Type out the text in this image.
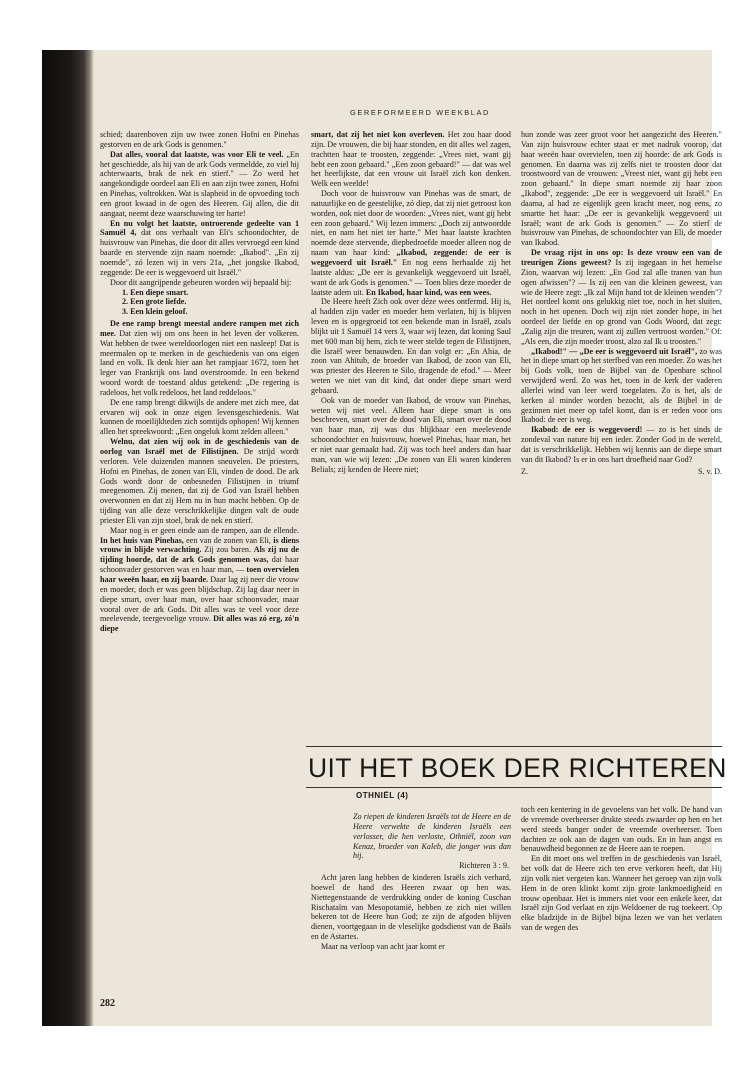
GEREFORMEERD WEEKBLAD

schied; daarenboven zijn uw twee zonen Hofni en Pinehas gestorven en de ark Gods is genomen."

Dat alles, vooral dat laatste, was voor Eli te veel. „En het geschiedde, als hij van de ark Gods vermeldde, zo viel hij achterwaarts, brak de nek en stierf." — Zo werd het aangekondigde oordeel aan Eli en aan zijn twee zonen, Hofni en Pinehas, voltrokken. Wat is slapheid in de opvoeding toch een groot kwaad in de ogen des Heeren. Gij allen, die dit aangaat, neemt deze waarschuwing ter harte!

En nu volgt het laatste, ontroerende gedeelte van 1 Samuël 4, dat ons verhaalt van Eli's schoondochter, de huisvrouw van Pinehas, die door dit alles vervroegd een kind baarde en stervende zijn naam noemde: „Ikabod". „En zij noemde", zó lezen wij in vers 21a, „het jongske Ikabod, zeggende: De eer is weggevoerd uit Israël."

Door dit aangrijpende gebeuren worden wij bepaald bij:

1. Een diepe smart.
2. Een grote liefde.
3. Een klein geloof.

De ene ramp brengt meestal andere rampen met zich mee. Dat zien wij om ons heen in het leven der volkeren. Wat hebben de twee wereldoorlogen niet een nasleep! Dat is meermalen op te merken in de geschiedenis van ons eigen land en volk. Ik denk hier aan het rampjaar 1672, toen het leger van Frankrijk ons land overstroomde. In een bekend woord wordt de toestand aldus getekend: „De regering is radeloos, het volk redeloos, het land reddeloos."

De ene ramp brengt dikwijls de andere met zich mee, dat ervaren wij ook in onze eigen levensgeschiedenis. Wat kunnen de moeilijkheden zich somtijds ophopen! Wij kennen allen het spreekwoord: „Een ongeluk komt zelden alleen."

Welnu, dat zien wij ook in de geschiedenis van de oorlog van Israël met de Filistijnen. De strijd wordt verloren. Vele duizenden mannen sneuvelen. De priesters, Hofni en Pinehas, de zonen van Eli, vinden de dood. De ark Gods wordt door de onbesneden Filistijnen in triumf meegenomen. Zij menen, dat zij de God van Israël hebben overwonnen en dat zij Hem nu in hun macht hebben. Op de tijding van alle deze verschrikkelijke dingen valt de oude priester Eli van zijn stoel, brak de nek en stierf.

Maar nog is er geen einde aan de rampen, aan de ellende. In het huis van Pinehas, een van de zonen van Eli, is diens vrouw in blijde verwachting. Zij zou baren. Als zij nu de tijding hoorde, dat de ark Gods genomen was, dat haar schoonvader gestorven was en haar man, — toen overvielen haar weeën haar, en zij baarde. Daar lag zij neer die vrouw en moeder, doch er was geen blijdschap. Zij lag daar neer in diepe smart, over haar man, over haar schoonvader, maar vooral over de ark Gods. Dit alles was te veel voor deze meelevende, teergevoelige vrouw. Dit alles was zó erg, zó'n diepe

smart, dat zij het niet kon overleven. Het zou haar dood zijn. De vrouwen, die bij haar stonden, en dit alles wel zagen, trachtten haar te troosten, zeggende: „Vrees niet, want gij hebt een zoon gebaard." „Een zoon gebaard!" — dat was wel het heerlijkste, dat een vrouw uit Israël zich kon denken. Welk een weelde!

Doch voor de huisvrouw van Pinehas was de smart, de natuurlijke en de geestelijke, zó diep, dat zij niet getroost kon worden, ook niet door de woorden: „Vrees niet, want gij hebt een zoon gebaard." Wij lezen immers: „Doch zij antwoordde niet, en nam het niet ter harte." Met haar laatste krachten noemde deze stervende, diepbedroefde moeder alleen nog de naam van haar kind: „Ikabod, zeggende: de eer is weggevoerd uit Israël." En nog eens herhaalde zij het laatste aldus: „De eer is gevankelijk weggevoerd uit Israël, want de ark Gods is genomen." — Toen blies deze moeder de laatste adem uit. En Ikabod, haar kind, was een wees.

De Heere heeft Zich ook over déze wees ontfermd. Hij is, al hadden zijn vader en moeder hem verlaten, hij is blijven leven en is opgegroeid tot een bekende man in Israël, zoals blijkt uit 1 Samuël 14 vers 3, waar wij lezen, dat koning Saul met 600 man bij hem, zich te weer stelde tegen de Filistijnen, die Israël weer benauwden. En dan volgt er: „En Ahia, de zoon van Ahitub, de broeder van Ikabod, de zoon van Eli, was priester des Heeren te Silo, dragende de efod." — Meer weten we niet van dit kind, dat onder diepe smart werd gebaard.

Ook van de moeder van Ikabod, de vrouw van Pinehas, weten wij niet veel. Alleen haar diepe smart is ons beschreven, smart over de dood van Eli, smart over de dood van haar man, zij was dus blijkbaar een meelevende schoondochter en huisvrouw, hoewel Pinehas, haar man, het er niet naar gemaakt had. Zij was toch heel anders dan haar man, van wie wij lezen: „De zonen van Eli waren kinderen Belials; zij kenden de Heere niet;

hun zonde was zeer groot voor het aangezicht des Heeren." Van zijn huisvrouw echter staat er met nadruk voorop, dat haar weeën haar overvielen, toen zij hoorde: de ark Gods is genomen. En daarna was zij zelfs niet te troosten door dat troostwoord van de vrouwen: „Vreest niet, want gij hebt een zoon gebaard." In diepe smart noemde zij haar zoon „Ikabod", zeggende: „De eer is weggevoerd uit Israël." En daarna, al had ze eigenlijk geen kracht meer, nog eens, zo smartte het haar: „De eer is gevankelijk weggevoerd uit Israël; want de ark Gods is genomen." — Zo stierf de huisvrouw van Pinehas, de schoondochter van Eli, de moeder van Ikabod.

De vraag rijst in ons op: Is deze vrouw een van de treurigen Zions geweest? Is zij ingegaan in het hemelse Zion, waarvan wij lezen: „En God zal alle tranen van hun ogen afwissen"? — Is zij een van die kleinen geweest, van wie de Heere zegt: „Ik zal Mijn hand tot de kleinen wenden"? Het oordeel komt ons gelukkig niet toe, noch in het sluiten, noch in het openen. Doch wij zijn niet zonder hope, in het oordeel der liefde en op grond van Gods Woord, dat zegt: „Zalig zijn die treuren, want zij zullen vertroost worden." Of: „Als een, die zijn moeder troost, alzo zal Ik u troosten."

„Ikabod!" — „De eer is weggevoerd uit Israël", zo was het in diepe smart op het sterfbed van een moeder. Zo was het bij Gods volk, toen de Bijbel van de Openbare school verwijderd werd. Zo was het, toen in de kerk der vaderen allerlei wind van leer werd toegelaten. Zo is het, als de kerken al minder worden bezocht, als de Bijbel in de gezinnen niet meer op tafel komt, dan is er reden voor ons Ikabod: de eer is weg.

Ikabod: de eer is weggevoerd! — zo is het sinds de zondeval van nature bij een ieder. Zonder God in de wereld, dat is verschrikkelijk. Hebben wij kennis aan de diepe smart van dit Ikabod? Is er in ons hart droefheid naar God?

Z.	S. v. D.

UIT HET BOEK DER RICHTEREN
OTHNIËL (4)

Zo riepen de kinderen Israëls tot de Heere en de Heere verwekte de kinderen Israëls een verlosser, die hen verloste, Othniël, zoon van Kenaz, broeder van Kaleb, die jonger was dan hij.

Richteren 3 : 9.

Acht jaren lang hebben de kinderen Israëls zich verhard, hoewel de hand des Heeren zwaar op hen was. Niettegenstaande de verdrukking onder de koning Cuschan Rischataïm van Mesopotamië, hebben ze zich niet willen bekeren tot de Heere hun God; ze zijn de afgoden blijven dienen, voortgegaan in de vleselijke godsdienst van de Baäls en de Astartes.

Maar na verloop van acht jaar komt er

toch een kentering in de gevoelens van het volk. De hand van de vreemde overheerser drukte steeds zwaarder op hen en het werd steeds banger onder de vreemde overheerser. Toen dachten ze ook aan de dagen van ouds. En in hun angst en benauwdheid begonnen ze de Heere aan te roepen.

En dit moet ons wel treffen in de geschiedenis van Israël, het volk dat de Heere zich ten erve verkoren heeft, dat Hij zijn volk niet vergeten kan. Wanneer het geroep van zijn volk Hem in de oren klinkt komt zijn grote lankmoedigheid en trouw openbaar. Het is immers niet voor een enkele keer, dat Israël zijn God verlaat en zijn Weldoener de rug toekeert. Op elke bladzijde in de Bijbel bijna lezen we van het verlaten van de wegen des

282
